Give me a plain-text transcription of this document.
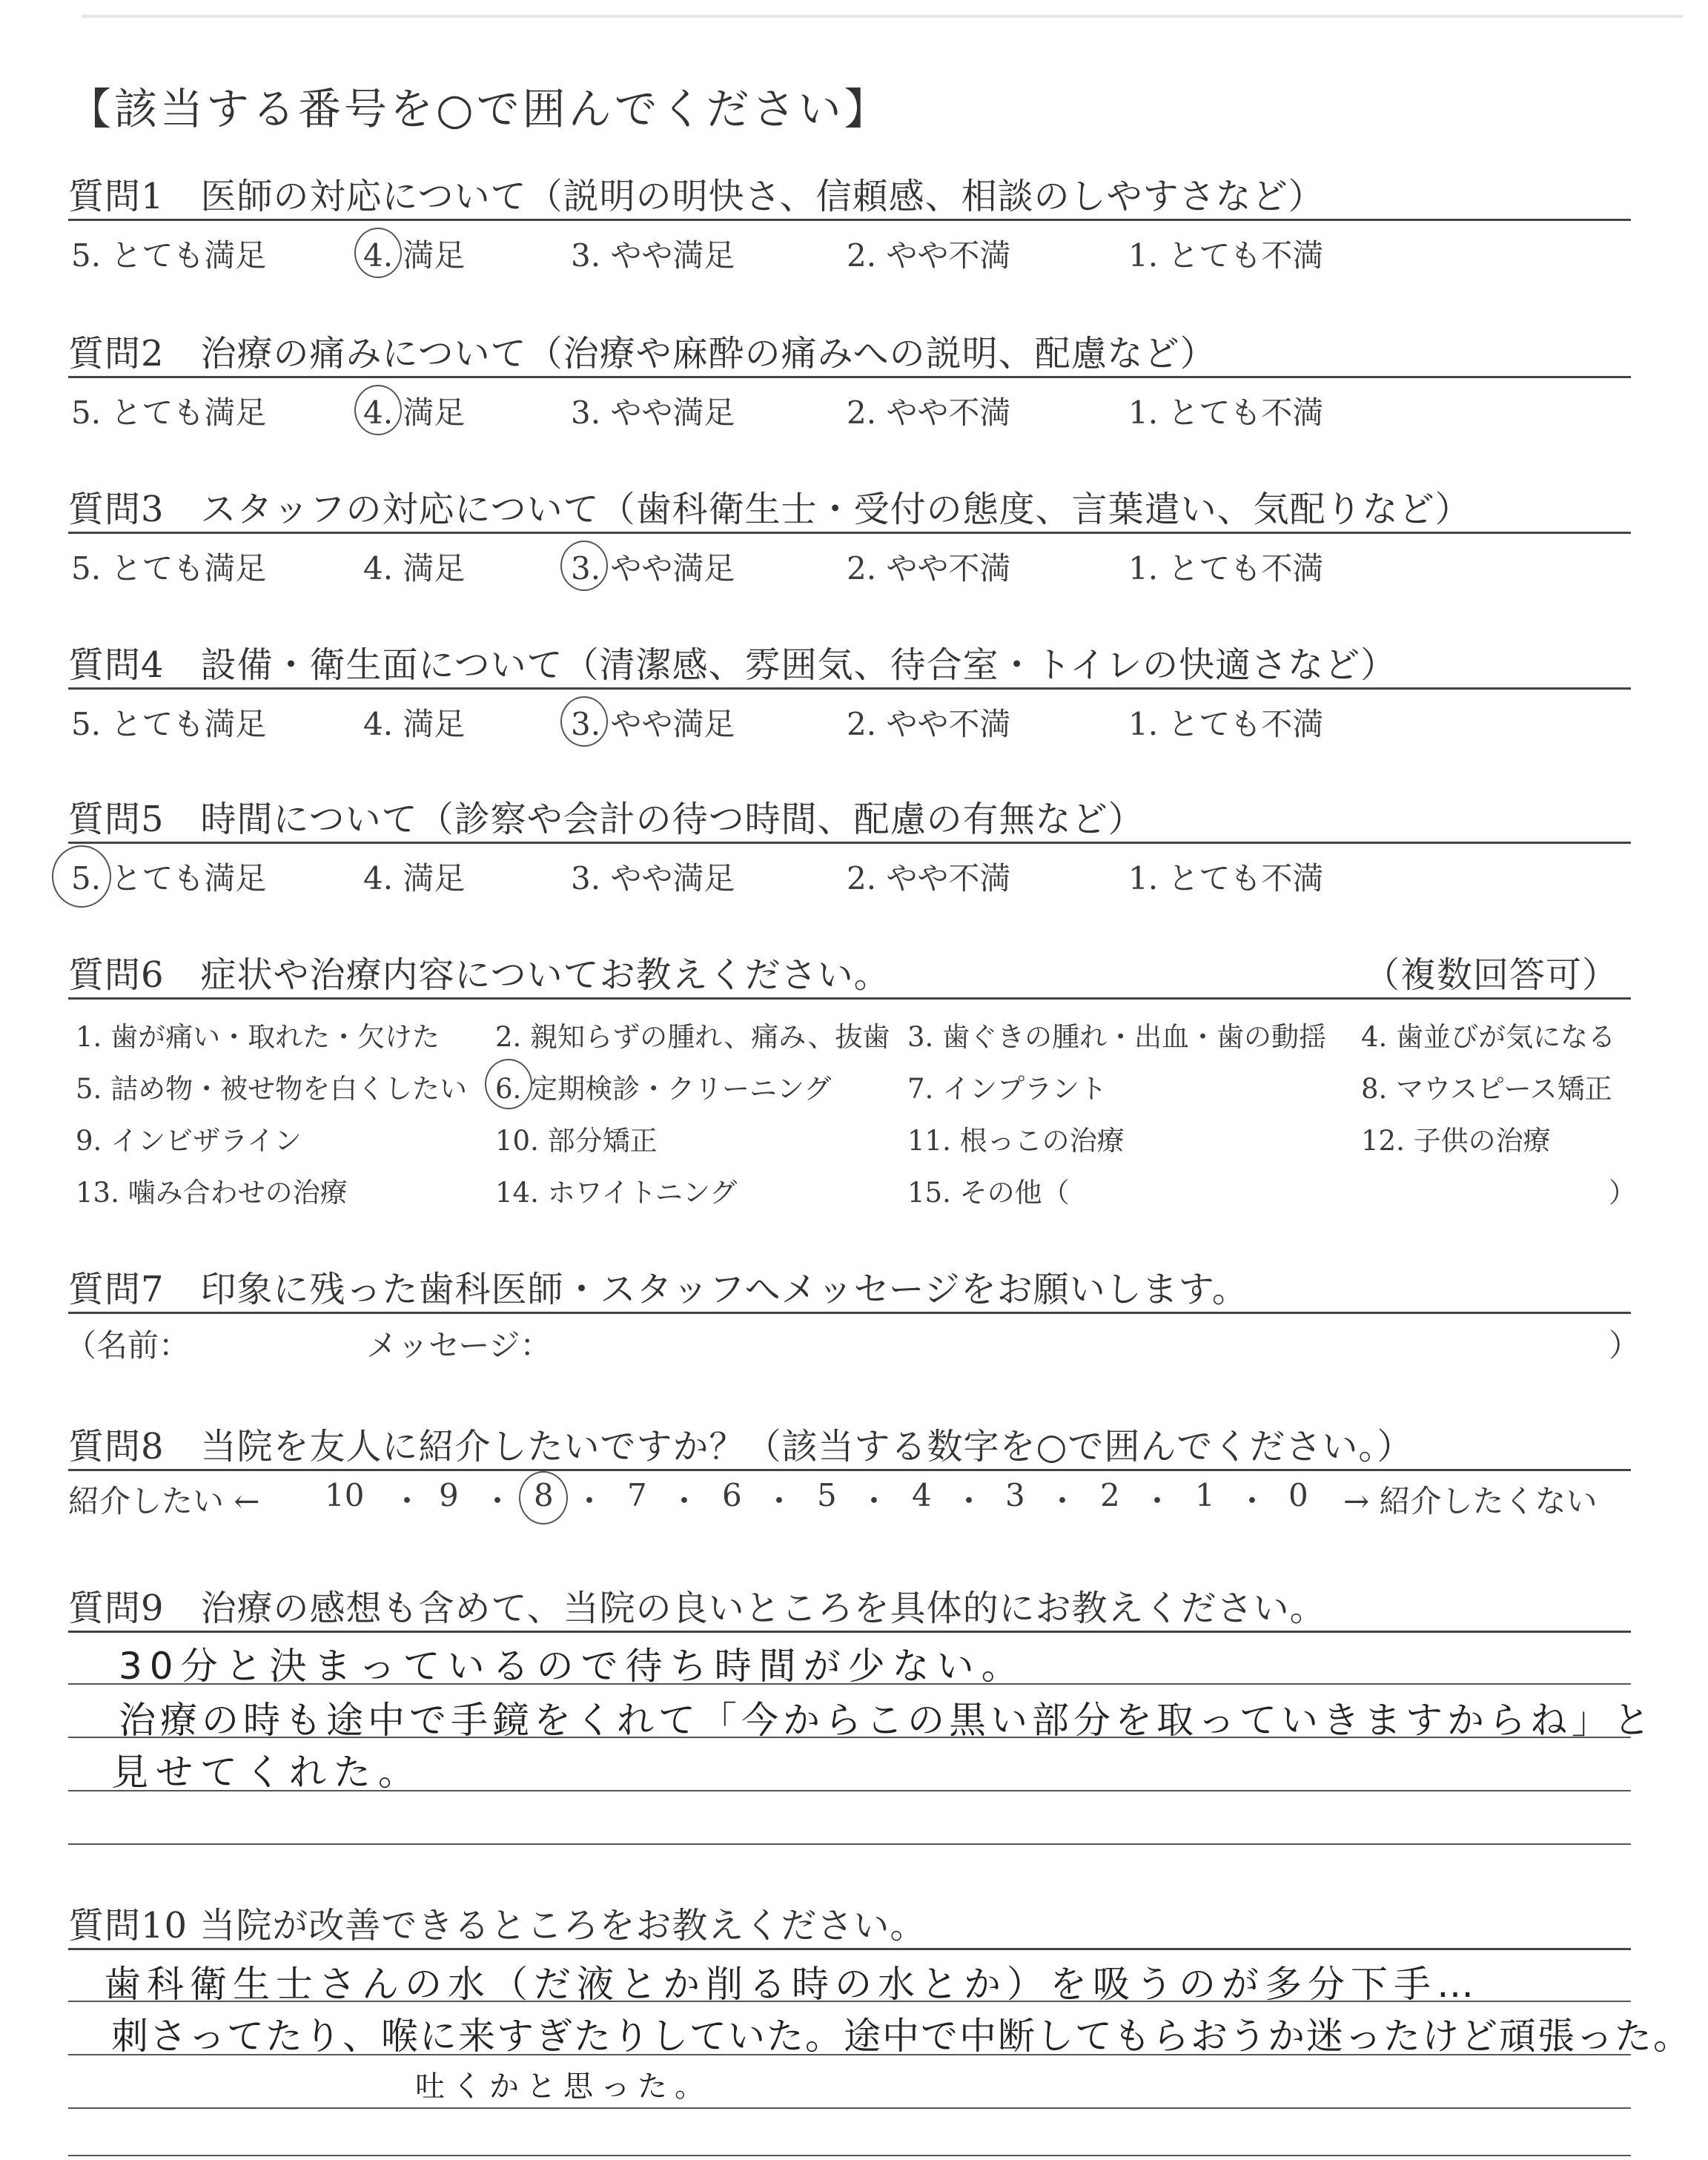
【該当する番号を○で囲んでください】
質問1　医師の対応について（説明の明快さ、信頼感、相談のしやすさなど）
5. とても満足	4. 満足	3. やや満足	2. やや不満	1. とても不満
質問2　治療の痛みについて（治療や麻酔の痛みへの説明、配慮など）
5. とても満足	4. 満足	3. やや満足	2. やや不満	1. とても不満
質問3　スタッフの対応について（歯科衛生士・受付の態度、言葉遣い、気配りなど）
5. とても満足	4. 満足	3. やや満足	2. やや不満	1. とても不満
質問4　設備・衛生面について（清潔感、雰囲気、待合室・トイレの快適さなど）
5. とても満足	4. 満足	3. やや満足	2. やや不満	1. とても不満
質問5　時間について（診察や会計の待つ時間、配慮の有無など）
5. とても満足	4. 満足	3. やや満足	2. やや不満	1. とても不満
質問6　症状や治療内容についてお教えください。	（複数回答可）
1. 歯が痛い・取れた・欠けた 2. 親知らずの腫れ、痛み、抜歯 3. 歯ぐきの腫れ・出血・歯の動揺 4. 歯並びが気になる
5. 詰め物・被せ物を白くしたい 6. 定期検診・クリーニング	7. インプラント	8. マウスピース矯正
9. インビザライン	10. 部分矯正	11. 根っこの治療	12. 子供の治療
13. 噛み合わせの治療	14. ホワイトニング	15. その他（	）
質問7　印象に残った歯科医師・スタッフへメッセージをお願いします。
（名前：	メッセージ：	）
質問8　当院を友人に紹介したいですか？（該当する数字を○で囲んでください。）
紹介したい ←	→ 紹介したくない
10 ・ 9 ・ 8 ・ 7 ・ 6 ・ 5 ・ 4 ・ 3 ・ 2 ・ 1 ・ 0
質問9　治療の感想も含めて、当院の良いところを具体的にお教えください。
30分と決まっているので待ち時間が少ない。
治療の時も途中で手鏡をくれて「今からこの黒い部分を取っていきますからね」と
見せてくれた。
質問10 当院が改善できるところをお教えください。
歯科衛生士さんの水（だ液とか削る時の水とか）を吸うのが多分下手…
刺さってたり、喉に来すぎたりしていた。途中で中断してもらおうか迷ったけど頑張った。
吐くかと思った。
